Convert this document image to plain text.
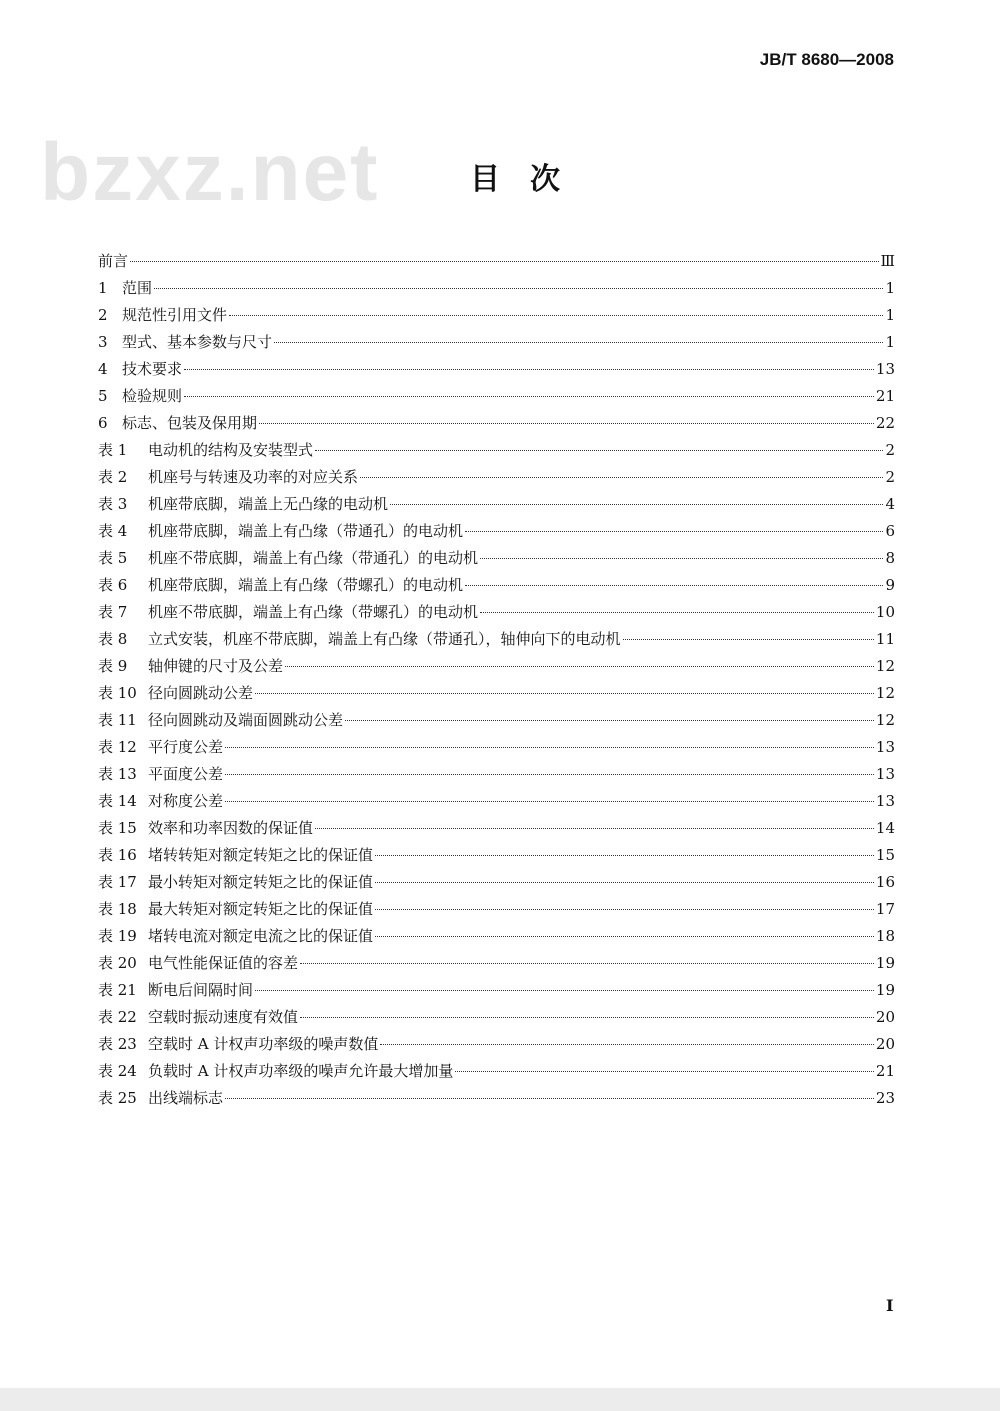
JB/T 8680—2008
bzxz.net	目次
前言	Ⅲ
1 范围	1
2 规范性引用文件	1
3 型式、基本参数与尺寸	1
4 技术要求	13
5 检验规则	21
6 标志、包装及保用期	22
表 1	电动机的结构及安装型式	2
表 2	机座号与转速及功率的对应关系	2
表 3	机座带底脚，端盖上无凸缘的电动机	4
表 4	机座带底脚，端盖上有凸缘（带通孔）的电动机	6
表 5	机座不带底脚，端盖上有凸缘（带通孔）的电动机	8
表 6	机座带底脚，端盖上有凸缘（带螺孔）的电动机	9
表 7	机座不带底脚，端盖上有凸缘（带螺孔）的电动机	10
表 8	立式安装，机座不带底脚，端盖上有凸缘（带通孔），轴伸向下的电动机	11
表 9	轴伸键的尺寸及公差	12
表 10 径向圆跳动公差	12
表 11 径向圆跳动及端面圆跳动公差	12
表 12 平行度公差	13
表 13 平面度公差	13
表 14 对称度公差	13
表 15 效率和功率因数的保证值	14
表 16 堵转转矩对额定转矩之比的保证值	15
表 17 最小转矩对额定转矩之比的保证值	16
表 18 最大转矩对额定转矩之比的保证值	17
表 19 堵转电流对额定电流之比的保证值	18
表 20 电气性能保证值的容差	19
表 21 断电后间隔时间	19
表 22 空载时振动速度有效值	20
表 23 空载时 A 计权声功率级的噪声数值	20
表 24 负载时 A 计权声功率级的噪声允许最大增加量	21
表 25 出线端标志	23
I
